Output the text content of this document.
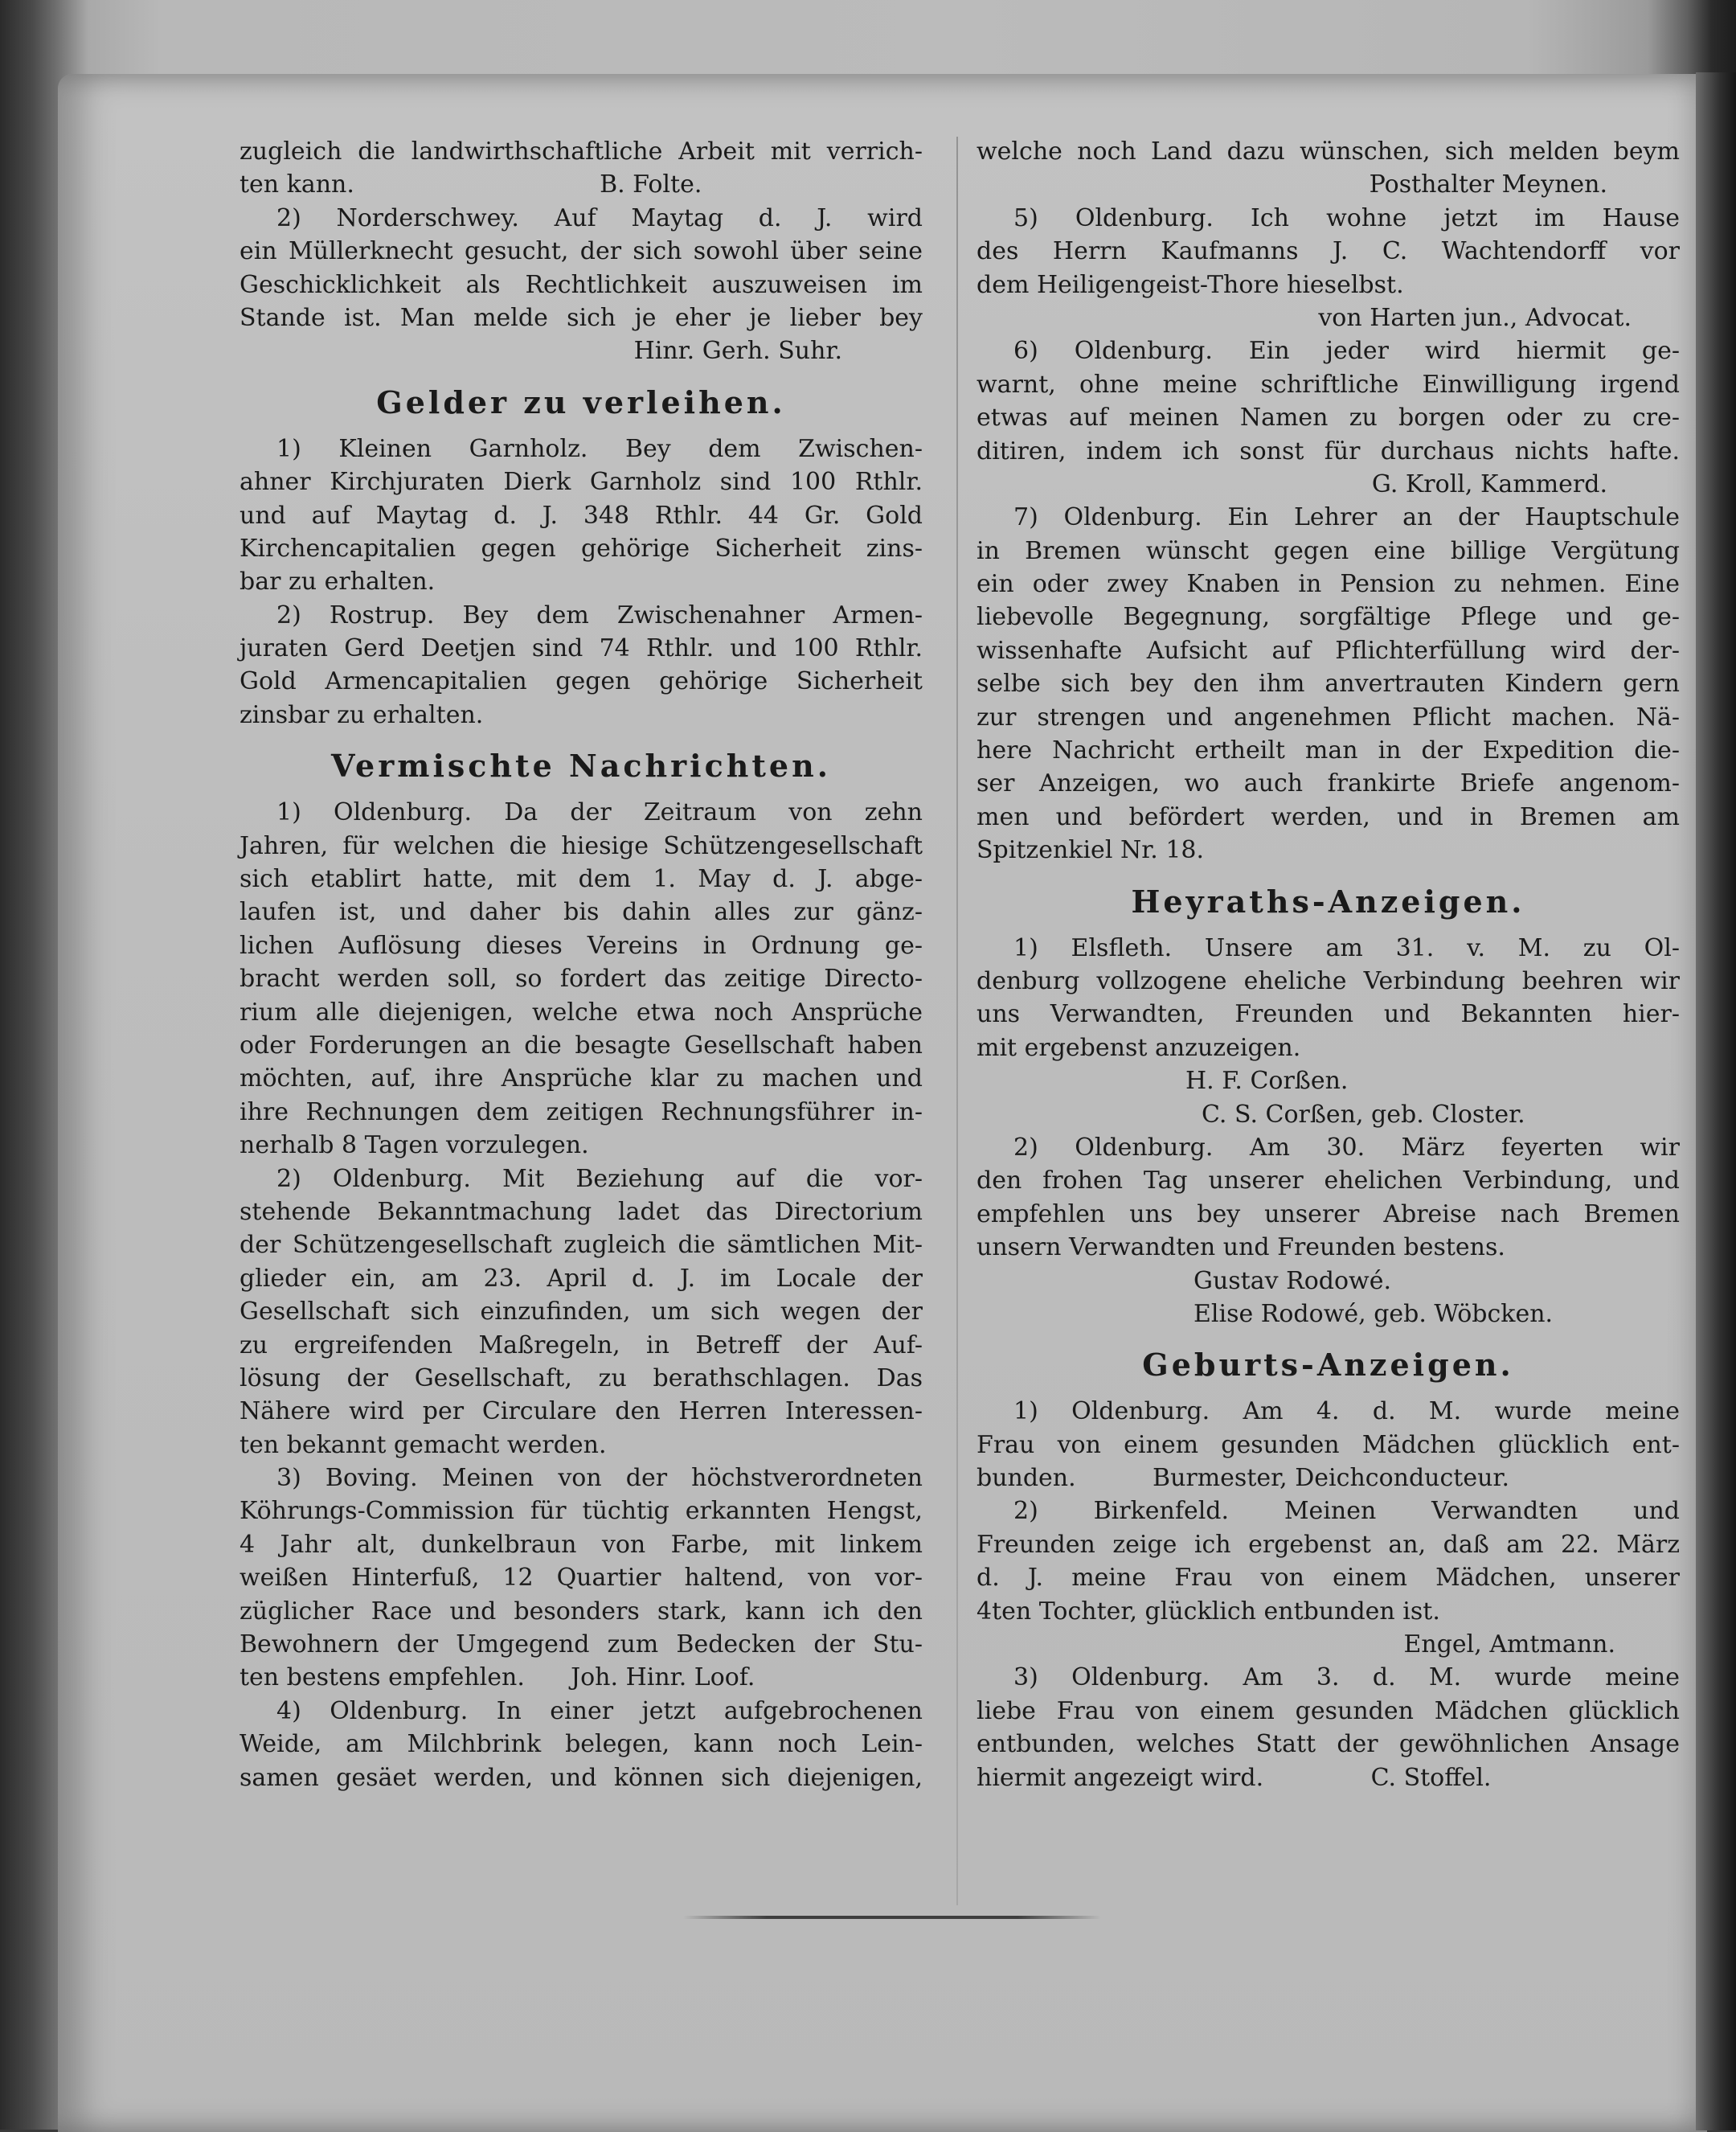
zugleich die landwirthschaftliche Arbeit mit verrich-
ten kann.                                B. Folte.
2) Norderschwey. Auf Maytag d. J. wird
ein Müllerknecht gesucht, der sich sowohl über seine
Geschicklichkeit als Rechtlichkeit auszuweisen im
Stande ist. Man melde sich je eher je lieber bey
Hinr. Gerh. Suhr.
Gelder zu verleihen.
1) Kleinen Garnholz. Bey dem Zwischen-
ahner Kirchjuraten Dierk Garnholz sind 100 Rthlr.
und auf Maytag d. J. 348 Rthlr. 44 Gr. Gold
Kirchencapitalien gegen gehörige Sicherheit zins-
bar zu erhalten.
2) Rostrup. Bey dem Zwischenahner Armen-
juraten Gerd Deetjen sind 74 Rthlr. und 100 Rthlr.
Gold Armencapitalien gegen gehörige Sicherheit
zinsbar zu erhalten.
Vermischte Nachrichten.
1) Oldenburg. Da der Zeitraum von zehn
Jahren, für welchen die hiesige Schützengesellschaft
sich etablirt hatte, mit dem 1. May d. J. abge-
laufen ist, und daher bis dahin alles zur gänz-
lichen Auflösung dieses Vereins in Ordnung ge-
bracht werden soll, so fordert das zeitige Directo-
rium alle diejenigen, welche etwa noch Ansprüche
oder Forderungen an die besagte Gesellschaft haben
möchten, auf, ihre Ansprüche klar zu machen und
ihre Rechnungen dem zeitigen Rechnungsführer in-
nerhalb 8 Tagen vorzulegen.
2) Oldenburg. Mit Beziehung auf die vor-
stehende Bekanntmachung ladet das Directorium
der Schützengesellschaft zugleich die sämtlichen Mit-
glieder ein, am 23. April d. J. im Locale der
Gesellschaft sich einzufinden, um sich wegen der
zu ergreifenden Maßregeln, in Betreff der Auf-
lösung der Gesellschaft, zu berathschlagen. Das
Nähere wird per Circulare den Herren Interessen-
ten bekannt gemacht werden.
3) Boving. Meinen von der höchstverordneten
Köhrungs-Commission für tüchtig erkannten Hengst,
4 Jahr alt, dunkelbraun von Farbe, mit linkem
weißen Hinterfuß, 12 Quartier haltend, von vor-
züglicher Race und besonders stark, kann ich den
Bewohnern der Umgegend zum Bedecken der Stu-
ten bestens empfehlen.      Joh. Hinr. Loof.
4) Oldenburg. In einer jetzt aufgebrochenen
Weide, am Milchbrink belegen, kann noch Lein-
samen gesäet werden, und können sich diejenigen,
welche noch Land dazu wünschen, sich melden beym
Posthalter Meynen.
5) Oldenburg. Ich wohne jetzt im Hause
des Herrn Kaufmanns J. C. Wachtendorff vor
dem Heiligengeist-Thore hieselbst.
von Harten jun., Advocat.
6) Oldenburg. Ein jeder wird hiermit ge-
warnt, ohne meine schriftliche Einwilligung irgend
etwas auf meinen Namen zu borgen oder zu cre-
ditiren, indem ich sonst für durchaus nichts hafte.
G. Kroll, Kammerd.
7) Oldenburg. Ein Lehrer an der Hauptschule
in Bremen wünscht gegen eine billige Vergütung
ein oder zwey Knaben in Pension zu nehmen. Eine
liebevolle Begegnung, sorgfältige Pflege und ge-
wissenhafte Aufsicht auf Pflichterfüllung wird der-
selbe sich bey den ihm anvertrauten Kindern gern
zur strengen und angenehmen Pflicht machen. Nä-
here Nachricht ertheilt man in der Expedition die-
ser Anzeigen, wo auch frankirte Briefe angenom-
men und befördert werden, und in Bremen am
Spitzenkiel Nr. 18.
Heyraths-Anzeigen.
1) Elsfleth. Unsere am 31. v. M. zu Ol-
denburg vollzogene eheliche Verbindung beehren wir
uns Verwandten, Freunden und Bekannten hier-
mit ergebenst anzuzeigen.
H. F. Corßen.
C. S. Corßen, geb. Closter.
2) Oldenburg. Am 30. März feyerten wir
den frohen Tag unserer ehelichen Verbindung, und
empfehlen uns bey unserer Abreise nach Bremen
unsern Verwandten und Freunden bestens.
Gustav Rodowé.
Elise Rodowé, geb. Wöbcken.
Geburts-Anzeigen.
1) Oldenburg. Am 4. d. M. wurde meine
Frau von einem gesunden Mädchen glücklich ent-
bunden.          Burmester, Deichconducteur.
2) Birkenfeld. Meinen Verwandten und
Freunden zeige ich ergebenst an, daß am 22. März
d. J. meine Frau von einem Mädchen, unserer
4ten Tochter, glücklich entbunden ist.
Engel, Amtmann.
3) Oldenburg. Am 3. d. M. wurde meine
liebe Frau von einem gesunden Mädchen glücklich
entbunden, welches Statt der gewöhnlichen Ansage
hiermit angezeigt wird.              C. Stoffel.
